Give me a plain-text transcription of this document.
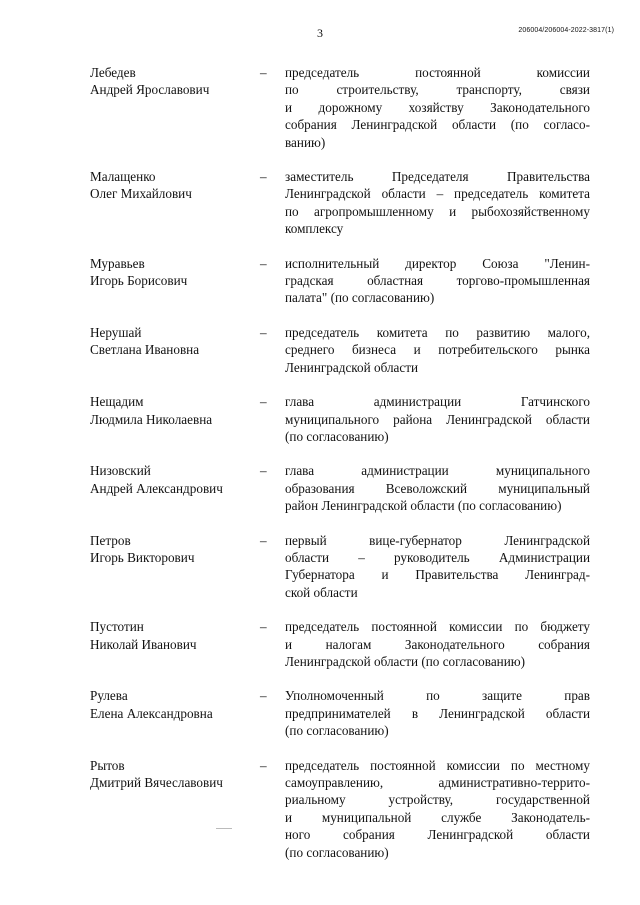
3	206004/206004-2022-3817(1)
Лебедев
Андрей Ярославович
– председатель постоянной комиссии
по строительству, транспорту, связи
и дорожному хозяйству Законодательного
собрания Ленинградской области (по согласо-
ванию)
Малащенко
Олег Михайлович
– заместитель Председателя Правительства
Ленинградской области – председатель комитета
по агропромышленному и рыбохозяйственному
комплексу
Муравьев
Игорь Борисович
– исполнительный директор Союза "Ленин-
градская областная торгово-промышленная
палата" (по согласованию)
Нерушай
Светлана Ивановна
– председатель комитета по развитию малого,
среднего бизнеса и потребительского рынка
Ленинградской области
Нещадим
Людмила Николаевна
– глава администрации Гатчинского
муниципального района Ленинградской области
(по согласованию)
Низовский
Андрей Александрович
– глава администрации муниципального
образования Всеволожский муниципальный
район Ленинградской области (по согласованию)
Петров
Игорь Викторович
– первый вице-губернатор Ленинградской
области – руководитель Администрации
Губернатора и Правительства Ленинград-
ской области
Пустотин
Николай Иванович
– председатель постоянной комиссии по бюджету
и налогам Законодательного собрания
Ленинградской области (по согласованию)
Рулева
Елена Александровна
– Уполномоченный по защите прав
предпринимателей в Ленинградской области
(по согласованию)
Рытов
Дмитрий Вячеславович
– председатель постоянной комиссии по местному
самоуправлению, административно-террито-
риальному устройству, государственной
и муниципальной службе Законодатель-
ного собрания Ленинградской области
(по согласованию)
